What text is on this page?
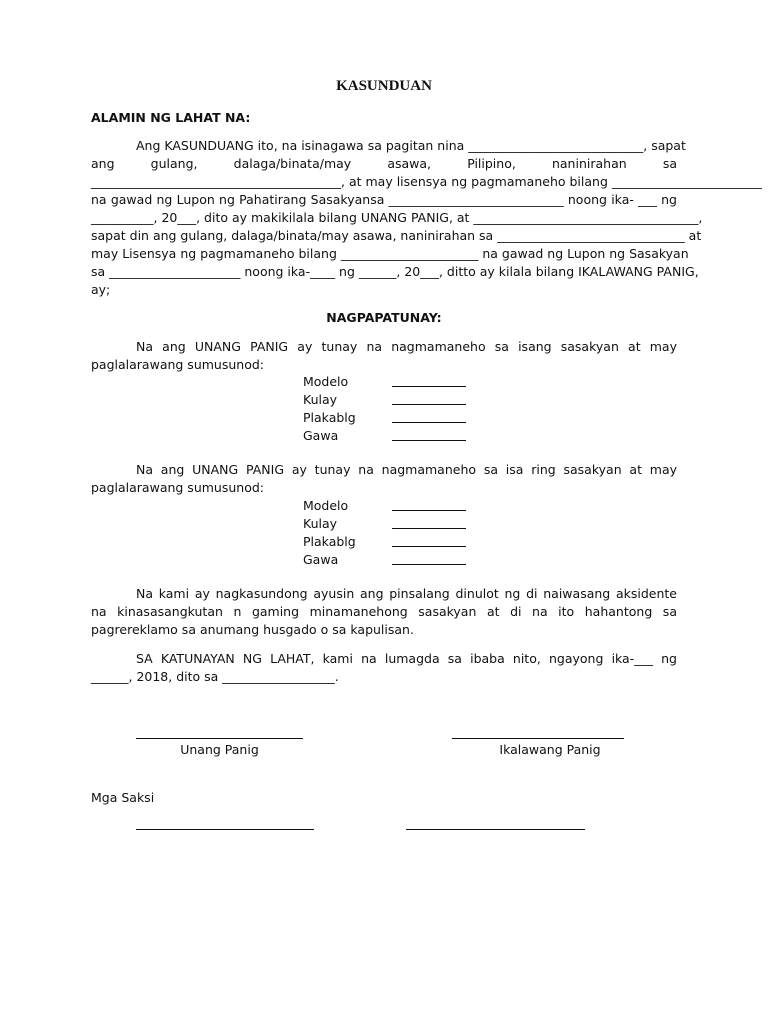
KASUNDUAN
ALAMIN NG LAHAT NA:
Ang KASUNDUANG ito, na isinagawa sa pagitan nina ____________________________, sapat
ang gulang, dalaga/binata/may asawa, Pilipino, naninirahan sa
________________________________________, at may lisensya ng pagmamaneho bilang ________________________
na gawad ng Lupon ng Pahatirang Sasakyansa ____________________________ noong ika- ___ ng
__________, 20___, dito ay makikilala bilang UNANG PANIG, at ____________________________________,
sapat din ang gulang, dalaga/binata/may asawa, naninirahan sa ______________________________ at
may Lisensya ng pagmamaneho bilang ______________________ na gawad ng Lupon ng Sasakyan
sa _____________________ noong ika-____ ng ______, 20___, ditto ay kilala bilang IKALAWANG PANIG,
ay;
NAGPAPATUNAY:
Na ang UNANG PANIG ay tunay na nagmamaneho sa isang sasakyan at may
paglalarawang sumusunod:
Modelo
Kulay
Plakablg
Gawa
Na ang UNANG PANIG ay tunay na nagmamaneho sa isa ring sasakyan at may
paglalarawang sumusunod:
Modelo
Kulay
Plakablg
Gawa
Na kami ay nagkasundong ayusin ang pinsalang dinulot ng di naiwasang aksidente
na kinasasangkutan n gaming minamanehong sasakyan at di na ito hahantong sa
pagrereklamo sa anumang husgado o sa kapulisan.
SA KATUNAYAN NG LAHAT, kami na lumagda sa ibaba nito, ngayong ika-___ ng
______, 2018, dito sa __________________.
Unang Panig	Ikalawang Panig
Mga Saksi
